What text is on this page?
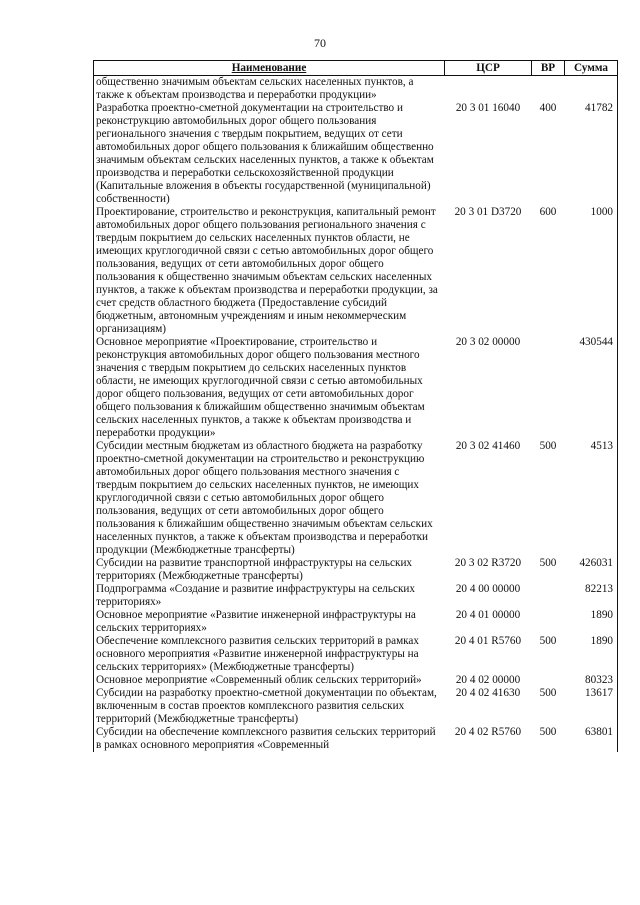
70
Наименование	ЦСР	ВР	Сумма
общественно значимым объектам сельских населенных пунктов, а также к объектам производства и переработки продукции»			
Разработка проектно-сметной документации на строительство и реконструкцию автомобильных дорог общего пользования регионального значения с твердым покрытием, ведущих от сети автомобильных дорог общего пользования к ближайшим общественно значимым объектам сельских населенных пунктов, а также к объектам производства и переработки сельскохозяйственной продукции (Капитальные вложения в объекты государственной (муниципальной) собственности)	20 3 01 16040	400	41782
Проектирование, строительство и реконструкция, капитальный ремонт автомобильных дорог общего пользования регионального значения с твердым покрытием до сельских населенных пунктов области, не имеющих круглогодичной связи с сетью автомобильных дорог общего пользования, ведущих от сети автомобильных дорог общего пользования к общественно значимым объектам сельских населенных пунктов, а также к объектам производства и переработки продукции, за счет средств областного бюджета (Предоставление субсидий бюджетным, автономным учреждениям и иным некоммерческим организациям)	20 3 01 D3720	600	1000
Основное мероприятие «Проектирование, строительство и реконструкция автомобильных дорог общего пользования местного значения с твердым покрытием до сельских населенных пунктов области, не имеющих круглогодичной связи с сетью автомобильных дорог общего пользования, ведущих от сети автомобильных дорог общего пользования к ближайшим общественно значимым объектам сельских населенных пунктов, а также к объектам производства и переработки продукции»	20 3 02 00000		430544
Субсидии местным бюджетам из областного бюджета на разработку проектно-сметной документации на строительство и реконструкцию автомобильных дорог общего пользования местного значения с твердым покрытием до сельских населенных пунктов, не имеющих круглогодичной связи с сетью автомобильных дорог общего пользования, ведущих от сети автомобильных дорог общего пользования к ближайшим общественно значимым объектам сельских населенных пунктов, а также к объектам производства и переработки продукции (Межбюджетные трансферты)	20 3 02 41460	500	4513
Субсидии на развитие транспортной инфраструктуры на сельских территориях (Межбюджетные трансферты)	20 3 02 R3720	500	426031
Подпрограмма «Создание и развитие инфраструктуры на сельских территориях»	20 4 00 00000		82213
Основное мероприятие «Развитие инженерной инфраструктуры на сельских территориях»	20 4 01 00000		1890
Обеспечение комплексного развития сельских территорий в рамках основного мероприятия «Развитие инженерной инфраструктуры на сельских территориях» (Межбюджетные трансферты)	20 4 01 R5760	500	1890
Основное мероприятие «Современный облик сельских территорий»	20 4 02 00000		80323
Субсидии на разработку проектно-сметной документации по объектам, включенным в состав проектов комплексного развития сельских территорий (Межбюджетные трансферты)	20 4 02 41630	500	13617
Субсидии на обеспечение комплексного развития сельских территорий в рамках основного мероприятия «Современный	20 4 02 R5760	500	63801
